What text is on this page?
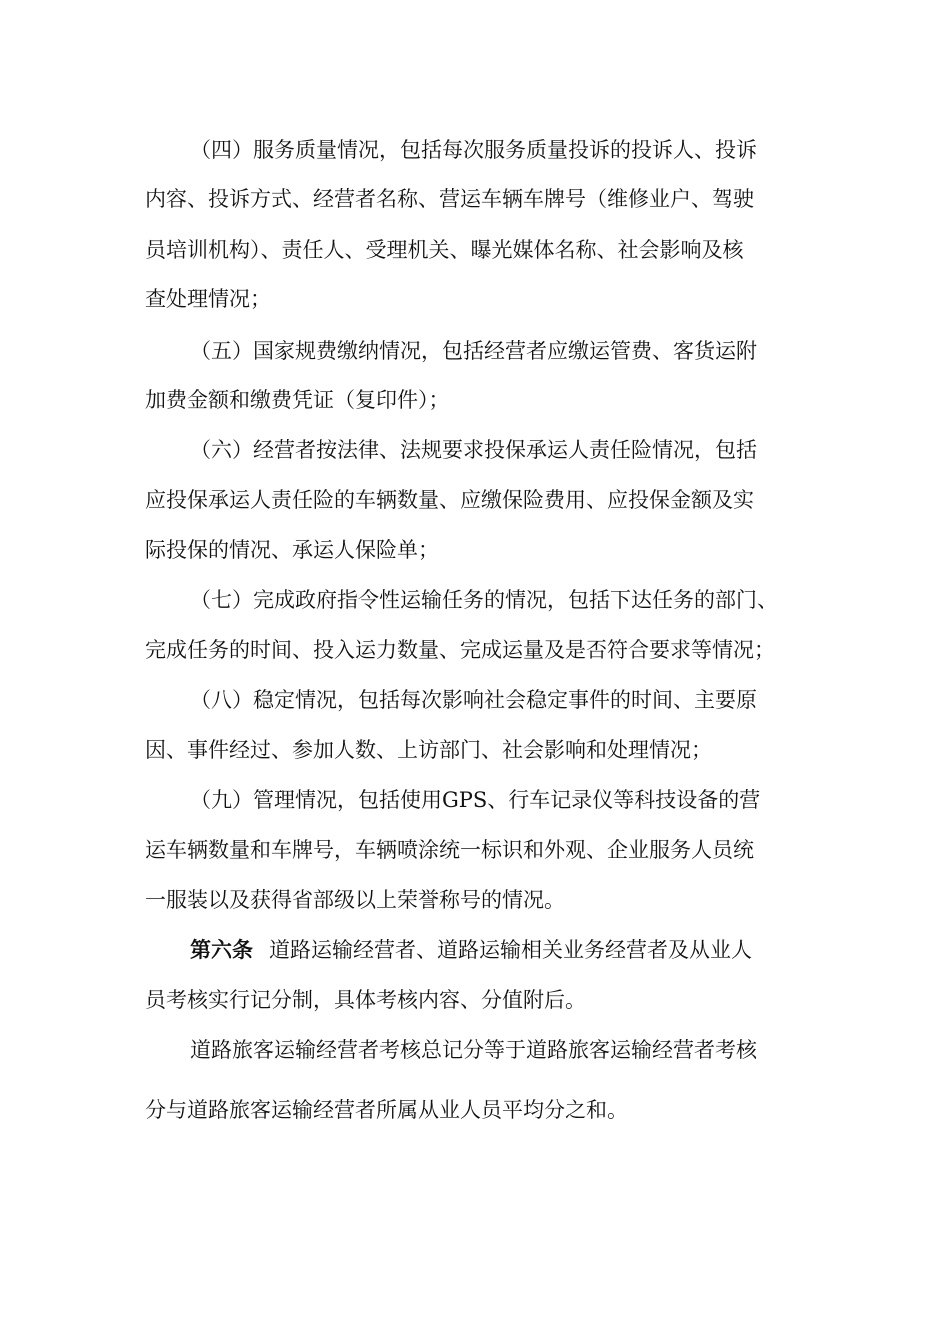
（四）服务质量情况，包括每次服务质量投诉的投诉人、投诉

内容、投诉方式、经营者名称、营运车辆车牌号（维修业户、驾驶

员培训机构）、责任人、受理机关、曝光媒体名称、社会影响及核

查处理情况；

（五）国家规费缴纳情况，包括经营者应缴运管费、客货运附

加费金额和缴费凭证（复印件）；

（六）经营者按法律、法规要求投保承运人责任险情况，包括

应投保承运人责任险的车辆数量、应缴保险费用、应投保金额及实

际投保的情况、承运人保险单；

（七）完成政府指令性运输任务的情况，包括下达任务的部门、

完成任务的时间、投入运力数量、完成运量及是否符合要求等情况；

（八）稳定情况，包括每次影响社会稳定事件的时间、主要原

因、事件经过、参加人数、上访部门、社会影响和处理情况；

（九）管理情况，包括使用GPS、行车记录仪等科技设备的营

运车辆数量和车牌号，车辆喷涂统一标识和外观、企业服务人员统

一服装以及获得省部级以上荣誉称号的情况。

第六条 道路运输经营者、道路运输相关业务经营者及从业人

员考核实行记分制，具体考核内容、分值附后。

道路旅客运输经营者考核总记分等于道路旅客运输经营者考核

分与道路旅客运输经营者所属从业人员平均分之和。
